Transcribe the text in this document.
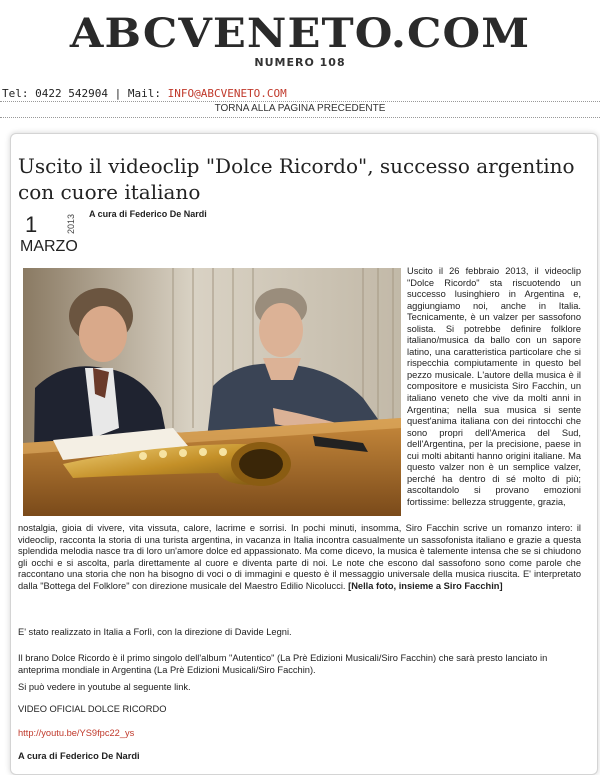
ABCVENETO.COM
NUMERO 108
Tel: 0422 542904 | Mail: INFO@ABCVENETO.COM
TORNA ALLA PAGINA PRECEDENTE
Uscito il videoclip "Dolce Ricordo", successo argentino con cuore italiano
1	2013
MARZO
A cura di Federico De Nardi
Uscito il 26 febbraio 2013, il videoclip "Dolce Ricordo" sta riscuotendo un successo lusinghiero in Argentina e, aggiungiamo noi, anche in Italia. Tecnicamente, è un valzer per sassofono solista. Si potrebbe definire folklore italiano/musica da ballo con un sapore latino, una caratteristica particolare che si rispecchia compiutamente in questo bel pezzo musicale. L'autore della musica è il compositore e musicista Siro Facchin, un italiano veneto che vive da molti anni in Argentina; nella sua musica si sente quest'anima italiana con dei rintocchi che sono propri dell'America del Sud, dell'Argentina, per la precisione, paese in cui molti abitanti hanno origini italiane. Ma questo valzer non è un semplice valzer, perché ha dentro di sé molto di più; ascoltandolo si provano emozioni fortissime: bellezza struggente, grazia,
nostalgia, gioia di vivere, vita vissuta, calore, lacrime e sorrisi. In pochi minuti, insomma, Siro Facchin scrive un romanzo intero: il videoclip, racconta la storia di una turista argentina, in vacanza in Italia incontra casualmente un sassofonista italiano e grazie a questa splendida melodia nasce tra di loro un'amore dolce ed appassionato. Ma come dicevo, la musica è talemente intensa che se si chiudono gli occhi e si ascolta, parla direttamente al cuore e diventa parte di noi. Le note che escono dal sassofono sono come parole che raccontano una storia che non ha bisogno di voci o di immagini e questo è il messaggio universale della musica riuscita. E' interpretato dalla "Bottega del Folklore" con direzione musicale del Maestro Edilio Nicolucci. [Nella foto, insieme a Siro Facchin]
E' stato realizzato in Italia a Forlì, con la direzione di Davide Legni.
Il brano Dolce Ricordo è il primo singolo dell'album "Autentico" (La Prè Edizioni Musicali/Siro Facchin) che sarà presto lanciato in anteprima mondiale in Argentina (La Prè Edizioni Musicali/Siro Facchin).
Si può vedere in youtube al seguente link.
VIDEO OFICIAL DOLCE RICORDO
http://youtu.be/YS9fpc22_ys
A cura di Federico De Nardi
